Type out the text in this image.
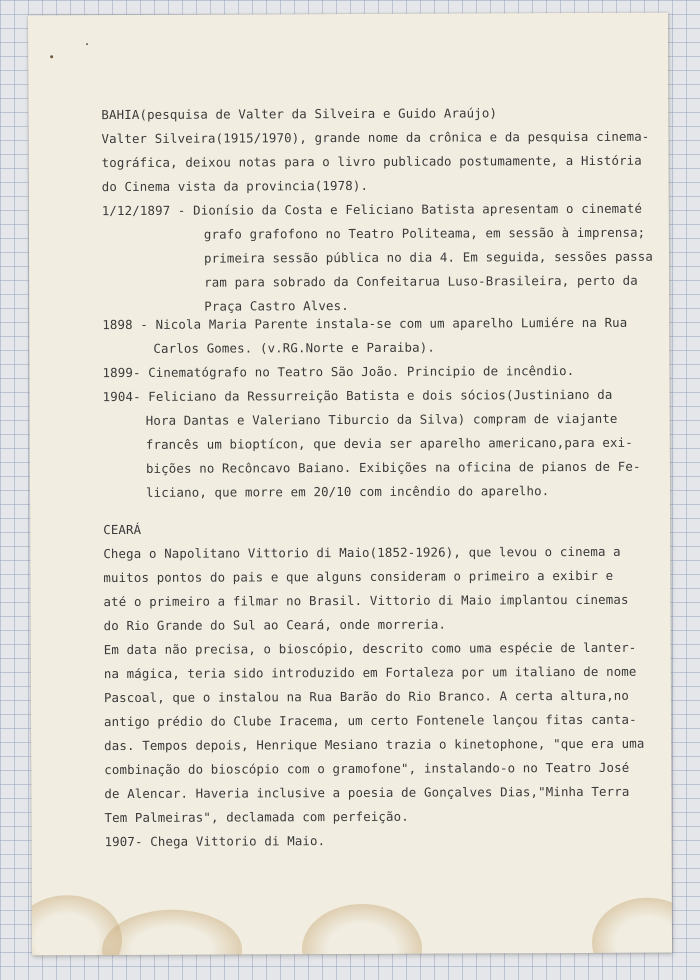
BAHIA(pesquisa de Valter da Silveira e Guido Araújo)
Valter Silveira(1915/1970), grande nome da crônica e da pesquisa cinema-
tográfica, deixou notas para o livro publicado postumamente, a História
do Cinema vista da provincia(1978).
1/12/1897 - Dionísio da Costa e Feliciano Batista apresentam o cinematé
grafo grafofono no Teatro Politeama, em sessão à imprensa;
primeira sessão pública no dia 4. Em seguida, sessões passa
ram para sobrado da Confeitarua Luso-Brasileira, perto da
Praça Castro Alves.
1898 - Nicola Maria Parente instala-se com um aparelho Lumiére na Rua
Carlos Gomes. (v.RG.Norte e Paraiba).
1899- Cinematógrafo no Teatro São João. Principio de incêndio.
1904- Feliciano da Ressurreição Batista e dois sócios(Justiniano da
Hora Dantas e Valeriano Tiburcio da Silva) compram de viajante
francês um bioptícon, que devia ser aparelho americano,para exi-
bições no Recôncavo Baiano. Exibições na oficina de pianos de Fe-
liciano, que morre em 20/10 com incêndio do aparelho.
CEARÁ
Chega o Napolitano Vittorio di Maio(1852-1926), que levou o cinema a
muitos pontos do pais e que alguns consideram o primeiro a exibir e
até o primeiro a filmar no Brasil. Vittorio di Maio implantou cinemas
do Rio Grande do Sul ao Ceará, onde morreria.
Em data não precisa, o bioscópio, descrito como uma espécie de lanter-
na mágica, teria sido introduzido em Fortaleza por um italiano de nome
Pascoal, que o instalou na Rua Barão do Rio Branco. A certa altura,no
antigo prédio do Clube Iracema, um certo Fontenele lançou fitas canta-
das. Tempos depois, Henrique Mesiano trazia o kinetophone, "que era uma
combinação do bioscópio com o gramofone", instalando-o no Teatro José
de Alencar. Haveria inclusive a poesia de Gonçalves Dias,"Minha Terra
Tem Palmeiras", declamada com perfeição.
1907- Chega Vittorio di Maio.
